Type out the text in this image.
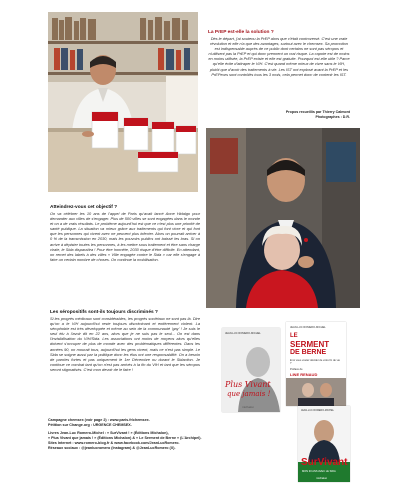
La PrEP est-elle la solution ?
Dès le départ, j'ai soutenu la PrEP alors que c'était controversé. C'est une vraie révolution et elle n'a que des avantages, surtout avec le chemsex. Sa promotion est indispensable auprès de ce public dont certains ne sont pas séropos et n'utilisent pas la PrEP et qui donc prennent un vrai risque. La capote est de moins en moins utilisée, la PrEP existe et elle est gratuite. Pourquoi est-elle utile ? Parce qu'elle évite d'attraper le VIH. C'est quand même mieux de vivre sans le VIH, plutôt que d'avoir des traitements à vie. Les IST ont explosé avant la PrEP et les PrEPeurs sont contrôlés tous les 3 mois, cela permet donc de contenir les IST.
Propos recueillis par Thierry Calmont
Photographes : D.R.
Atteindrez-vous cet objectif ?
On va célébrer les 10 ans de l'appel de Paris qu'avait lancé Anne Hidalgo pour demander aux villes de s'engager. Plus de 500 villes se sont engagées dans le monde et on a de vrais résultats. Le problème aujourd'hui est que ce n'est plus une priorité de santé publique. La situation va mieux grâce aux traitements qui font vivre et qui font que les personnes qui vivent avec ne peuvent plus infecter. Alors on pourrait arriver à 0 % de la transmission en 2030, mais les pouvoirs publics ont baissé les bras. Si on arrive à dépister toutes les personnes, à les mettre sous traitement et être sans charge virale, le Sida disparaîtra ! Pour être honnête, 2030 risque d'être difficile. En attendant, on remet des labels à des villes « Ville engagée contre le Sida » car elle s'engage à faire un certain nombre de choses. On continue la mobilisation.
Les séropositifs sont-ils toujours discriminés ?
Si les progrès médicaux sont considérables, les progrès sociétaux ne sont pas là. Dire qu'on a le VIH aujourd'hui reste toujours discriminant et entièrement violent. La sérophobie est très développée et même au sein de la communauté 'gay' ! Je suis le seul élu à l'avoir dit en 22 ans, alors que je ne suis pas le seul... On est dans l'invisibilisation du VIH/Sida. Les associations ont moins de moyens alors qu'elles doivent s'occuper de plus de monde avec des problématiques différentes. Dans les années 90, on mourait tous, aujourd'hui les gens vivent, mais ce n'est pas simple. Le Sida se soigne aussi par la politique donc les élus ont une responsabilité. On a besoin de paroles fortes et pas uniquement le 1er Décembre ou durant le Sidaction. Je continue ce combat tant qu'on n'est pas arrivés à la fin du VIH et tant que les séropos seront stigmatisés. C'est mon devoir de le faire !
JEAN-LUC ROMERO-MICHEL
Plus Vivant
que jamais !
michalon
JEAN-LUC ROMERO-MICHEL
LE
SERMENT
DE BERNE
Et si vous voulez décider de votre fin de vie ?
Préface de
LINE RENAUD
JEAN-LUC ROMERO-MICHEL
SurVivant
MON 30 ANS AVEC LE SIDA
michalon

Campagne chemsex (voir page 2) : www.paris.fr/chemsex.
Pétition sur Change.org : URGENCE CHEMSEX.

Livres Jean-Luc Romero-Michel : « SurVivant ! » (Éditions Michalon),
« Plus Vivant que jamais ! » (Éditions Michalon) & « Le Serment de Berne » (L'Archipel).
Sites Internet : www.romero-blog.fr & www.facebook.com/JeanLucRomero.
Réseaux sociaux : @jeanlucromero (Instagram) & @JeanLucRomero (X).
